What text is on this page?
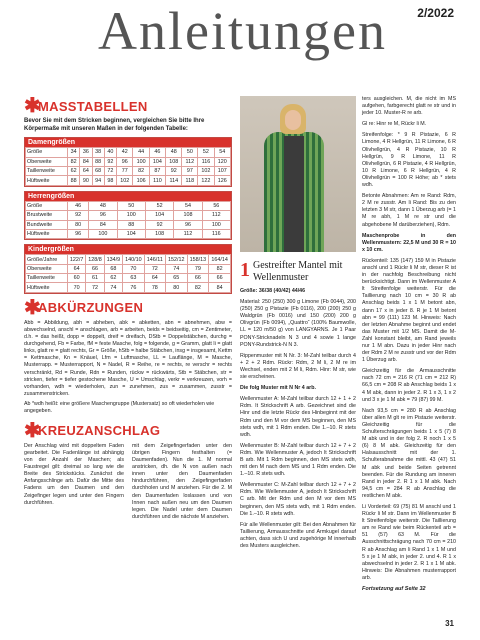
Anleitungen	2/2022
✱
MASSTABELLEN
Bevor Sie mit dem Stricken beginnen, vergleichen Sie bitte Ihre Körpermaße mit unseren Maßen in der folgenden Tabelle:
Damengrößen
Größe	34	36	38	40	42	44	46	48	50	52	54
Oberweite	82	84	88	92	96	100	104	108	112	116	120
Taillenweite	62	64	68	72	77	82	87	92	97	102	107
Hüftweite	88	90	94	98	102	106	110	114	118	122	126
Herrengrößen
Größe	46	48	50	52	54	56
Brustweite	92	96	100	104	108	112
Bundweite	80	84	88	92	96	100
Hüftweite	96	100	104	108	112	116
Kindergrößen
Größe/Jahre	122/7	128/8	134/9	140/10	146/11	152/12	158/13	164/14
Oberweite	64	66	68	70	72	74	79	82
Taillenweite	60	61	62	63	64	65	66	66
Hüftweite	70	72	74	76	78	80	82	84
✱
ABKÜRZUNGEN
Abb = Abbildung, abh = abheben, abk = abketten, abn = abnehmen, abw = abwechselnd, anschl = anschlagen, arb = arbeiten, beids = beidseitig, cm = Zentimeter, d.h. = das heißt, dopp = doppelt, dreif = dreifach, DStb = Doppelstäbchen, durchg = durchgehend, Fb = Farbe, fM = feste Masche, folg = folgende, g = Gramm, glatt li = glatt links, glatt re = glatt rechts, Gr = Größe, hStb = halbe Stäbchen, insg = insgesamt, Kettm = Kettmasche, Kn = Knäuel, Lfm = Luftmasche, LL = Lauflänge, M = Masche, Musterrapp. = Musterrapport, N = Nadel, R = Reihe, re = rechts, re verschr = rechts verschränkt, Rd = Runde, Rdn = Runden, rückw = rückwärts, Stb = Stäbchen, str = stricken, tiefer = tiefer gestochene Masche, U = Umschlag, verkr = verkreuzen, vorh = vorhanden, wdh = wiederholen, zun = zunehmen, zus = zusammen, zusstr = zusammenstricken.
Ab *wdh heißt: eine größere Maschengruppe (Mustersatz) so oft wiederholen wie angegeben.
✱
KREUZANSCHLAG

Der Anschlag wird mit doppeltem Faden gearbeitet. Die Fadenlänge ist abhängig von der Anzahl der Maschen; als Faustregel gilt: dreimal so lang wie die Breite des Strickstücks. Zunächst die Anfangsschlinge arb. Dafür die Mitte des Fadens um den Daumen und den Zeigefinger legen und unter den Fingern durchführen.

mit dem Zeigefingerfaden unter den übrigen Fingern festhalten (= Daumenfaden). Nun die 1. M normal anstricken, dh. die N von außen nach innen unter den Daumenfaden hindurchführen, den Zeigefingerfaden durchholen und M anziehen. Für die 2. M den Daumenfaden loslassen und von Innen nach außen neu um den Daumen legen. Die Nadel unter dem Daumen durchführen und die nächste M anziehen.

1 Gestreifter Mantel mit Wellenmuster

Größe: 36/38 (40/42) 44/46

Material: 250 (250) 300 g Limone (Fb 0044), 200 (250) 250 g Pistazie (Fb 0116), 200 (200) 250 g Waldgrün (Fb 0016) und 150 (200) 200 g Olivgrün (Fb 0094), „Quattro“ (100% Baumwolle, LL = 120 m/50 g) von LANGYARNS. Je 1 Paar PONY-Stricknadeln N 3 und 4 sowie 1 lange PONY-Rundstrick-N N 3.

Rippenmuster mit N Nr. 3: M-Zahl teilbar durch 4 + 2 + 2 Rdm. Rückr: Rdm, 2 M li, 2 M re im Wechsel, enden mit 2 M li, Rdm. Hinr: M str, wie sie erscheinen.

Die folg Muster mit N Nr 4 arb.

Wellenmuster A: M-Zahl teilbar durch 12 + 1 + 2 Rdm. It Strickschrift A arb. Gezeichnet sind die Hinr und die letzte Rückr des Hinbeginnt mit der Rdm und den M vor dem MS beginnen, den MS stets wdh, mit 1 Rdm enden. Die 1.–10. R stets wdh.

Wellenmuster B: M-Zahl teilbar durch 12 + 7 + 2 Rdm. Wie Wellenmuster A, jedoch lt Strickschrift B arb. Mit 1 Rdm beginnen, den MS stets wdh, mit den M nach dem MS und 1 Rdm enden. Die 1.–10. R stets wdh.

Wellenmuster C: M-Zahl teilbar durch 12 + 7 + 2 Rdm. Wie Wellenmuster A, jedoch lt Strickschrift C arb. Mit der Rdm und den M vor dem MS beginnen, den MS stets wdh, mit 1 Rdm enden. Die 1.–10. R stets wdh.

Für alle Wellenmuster gilt: Bei den Abnahmen für Taillierung, Armausschnitte und Armkugel darauf achten, dass sich U und zugehörige M innerhalb des Musters ausgleichen.

ters ausgleichen. M, die nicht im MS aufgehen, farbgerecht glatt re str und in jeder 10. Muster-R re arb.

Gl re: Hinr re M, Rückr li M.

Streifenfolge: * 9 R Pistazie, 6 R Limone, 4 R Hellgrün, 11 R Limone, 6 R Olivhellgrün, 4 R Pistazie, 10 R Hellgrün, 9 R Limone, 11 R Olivhellgrün, 6 R Pistazie, 4 R Hellgrün, 10 R Limone, 6 R Hellgrün, 4 R Olivhellgrün = 100 R Höhe; ab * stets wdh.

Betonte Abnahmen: Am re Rand: Rdm, 2 M re zusstr. Am li Rand: Bis zu den letzten 3 M str, dann 1 Überzug arb (= 1 M re abh, 1 M re str und die abgehobene M darüberziehen), Rdm.

Maschenprobe in den Wellenmustern: 22,5 M und 30 R = 10 x 10 cm.

Rückenteil: 135 (147) 159 M in Pistazie anschl und 1 Rückr li M str, dieser R ist in der nachfolg Beschreibung nicht berücksichtigt. Dann im Wellenmuster A lt Streifenfolge weiterstr. Für die Taillierung nach 10 cm = 30 R ab Anschlag beids 1 x 1 M betont abn, dann 17 x in jeder 8. R je 1 M betont abn = 99 (111) 123 M. Hinweis: Nach der letzten Abnahme beginnt und endet das Muster mit 1/2 MS. Damit die M-Zahl konstant bleibt, am Rand jeweils nur 1 M abn. Dazu in jeder Hinr nach der Rdm 2 M re zusstr und vor der Rdm 1 Überzug arb.

Gleichzeitig für die Armausschnitte nach 72 cm = 216 R (71 cm = 212 R) 66,5 cm = 208 R ab Anschlag beids 1 x 4 M abk, dann in jeder 2. R 1 x 3, 1 x 2 und 3 x je 1 M abk = 79 (87) 99 M.

Nach 93,5 cm = 280 R ab Anschlag über allen M glt re im Pistazie weiterstr. Gleichzeitig für die Schulterschrägungen beids 1 x 5 (7) 8 M abk und in der folg 2. R noch 1 x 5 (6) 8 M abk. Gleichzeitig für den Halsausschnitt mit der 1. Schulterabnahme die mittl. 43 (47) 51 M abk und beide Seiten getrennt beenden. Für die Rundung am inneren Rand in jeder 2. R 1 x 1 M abk. Nach 94,5 cm = 284 R ab Anschlag die restlichen M abk.

Li Vorderteil: 69 (75) 81 M anschl und 1 Rückr li M str. Dann im Wellenmuster B lt Streifenfolge weiterstr. Die Taillierung am re Rand wie beim Rückenteil arb = 51 (57) 63 M. Für die Ausschnittschrägung nach 70 cm = 210 R ab Anschlag am li Rand 1 x 1 M und 5 x je 1 M abk, in jeder 2. und 4. R 1 x abwechselnd in jeder 2. R 1 x 1 M abk. Hinweis: Die Abnahmen musterrapport arb.

Fortsetzung auf Seite 32
31
